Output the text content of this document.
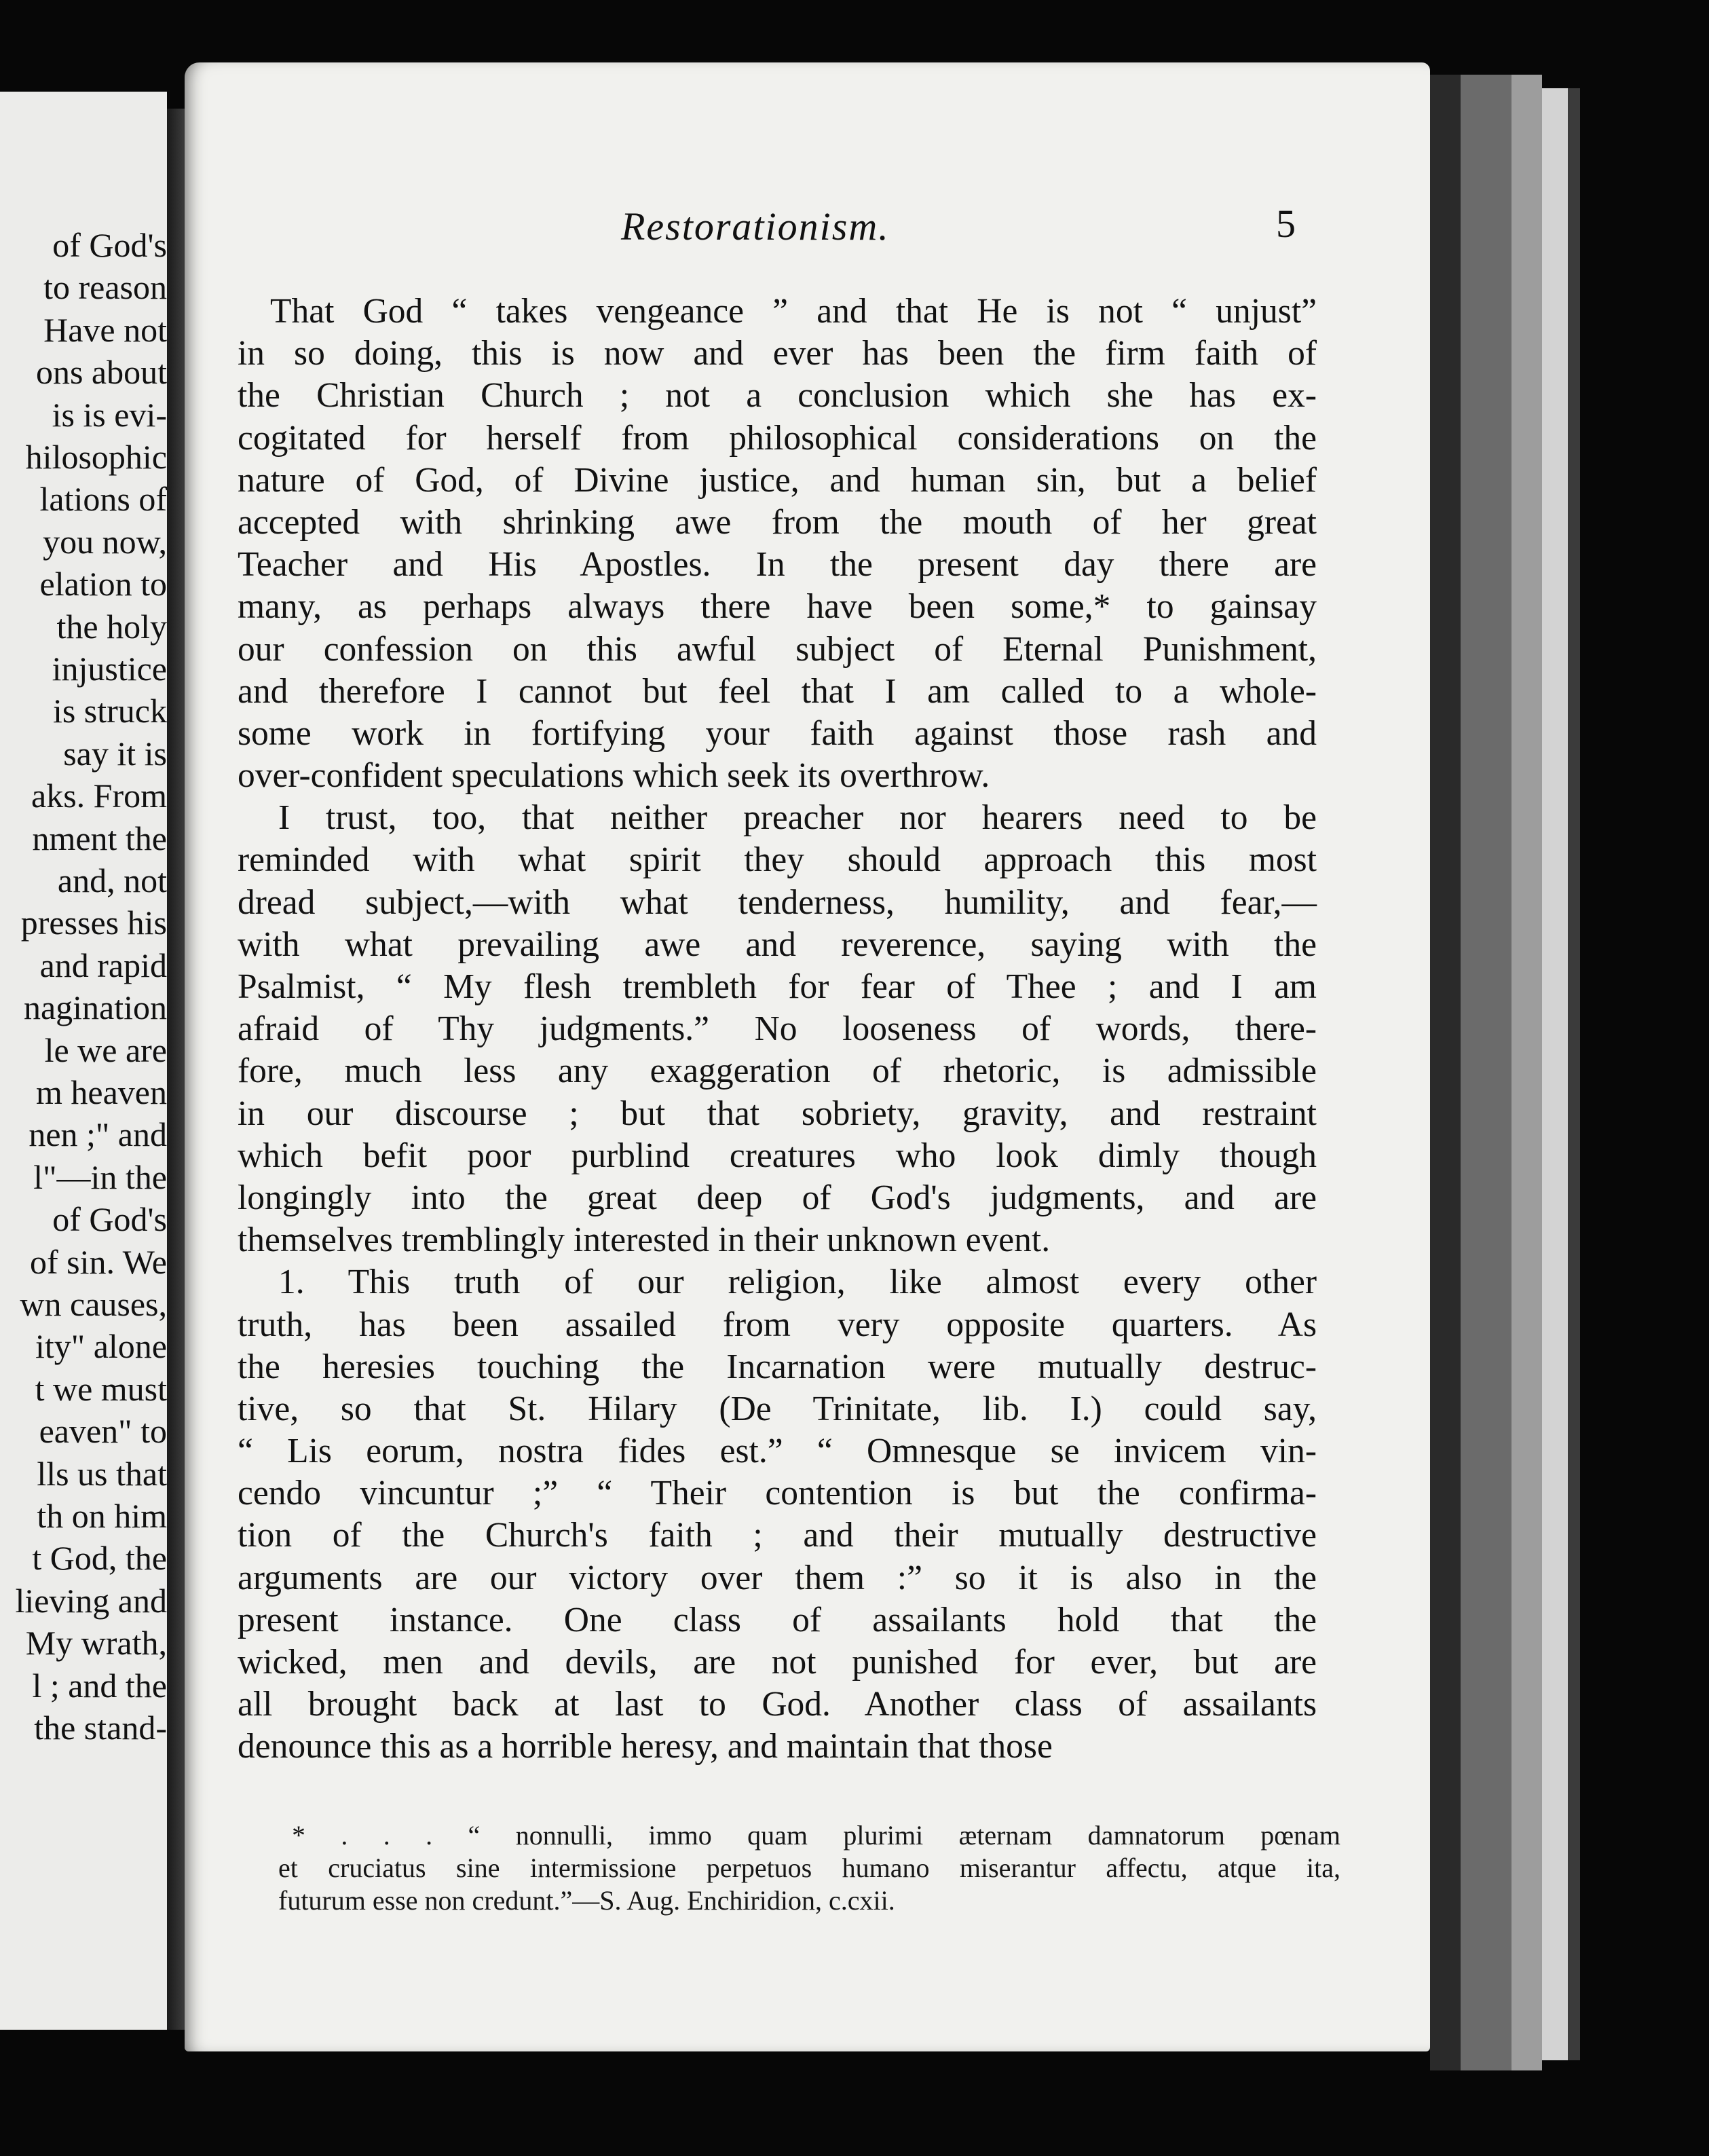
of God's
to reason
Have not
ons about
is is evi-
hilosophic
lations of
you now,
elation to
the holy
injustice
is struck
say it is
aks. From
nment the
and, not
presses his
and rapid
nagination
le we are
m heaven
nen ;" and
l"—in the
of God's
of sin. We
wn causes,
ity" alone
t we must
eaven" to
lls us that
th on him
t God, the
lieving and
My wrath,
l ; and the
the stand-
Restorationism.	5
That God “ takes vengeance ” and that He is not “ unjust”
in so doing, this is now and ever has been the firm faith of
the Christian Church ; not a conclusion which she has ex-
cogitated for herself from philosophical considerations on the
nature of God, of Divine justice, and human sin, but a belief
accepted with shrinking awe from the mouth of her great
Teacher and His Apostles. In the present day there are
many, as perhaps always there have been some,* to gainsay
our confession on this awful subject of Eternal Punishment,
and therefore I cannot but feel that I am called to a whole-
some work in fortifying your faith against those rash and
over-confident speculations which seek its overthrow.
I trust, too, that neither preacher nor hearers need to be
reminded with what spirit they should approach this most
dread subject,—with what tenderness, humility, and fear,—
with what prevailing awe and reverence, saying with the
Psalmist, “ My flesh trembleth for fear of Thee ; and I am
afraid of Thy judgments.” No looseness of words, there-
fore, much less any exaggeration of rhetoric, is admissible
in our discourse ; but that sobriety, gravity, and restraint
which befit poor purblind creatures who look dimly though
longingly into the great deep of God's judgments, and are
themselves tremblingly interested in their unknown event.
1. This truth of our religion, like almost every other
truth, has been assailed from very opposite quarters. As
the heresies touching the Incarnation were mutually destruc-
tive, so that St. Hilary (De Trinitate, lib. I.) could say,
“ Lis eorum, nostra fides est.” “ Omnesque se invicem vin-
cendo vincuntur ;” “ Their contention is but the confirma-
tion of the Church's faith ; and their mutually destructive
arguments are our victory over them :” so it is also in the
present instance. One class of assailants hold that the
wicked, men and devils, are not punished for ever, but are
all brought back at last to God. Another class of assailants
denounce this as a horrible heresy, and maintain that those
* . . . “ nonnulli, immo quam plurimi æternam damnatorum pœnam
et cruciatus sine intermissione perpetuos humano miserantur affectu, atque ita,
futurum esse non credunt.”—S. Aug. Enchiridion, c.cxii.
